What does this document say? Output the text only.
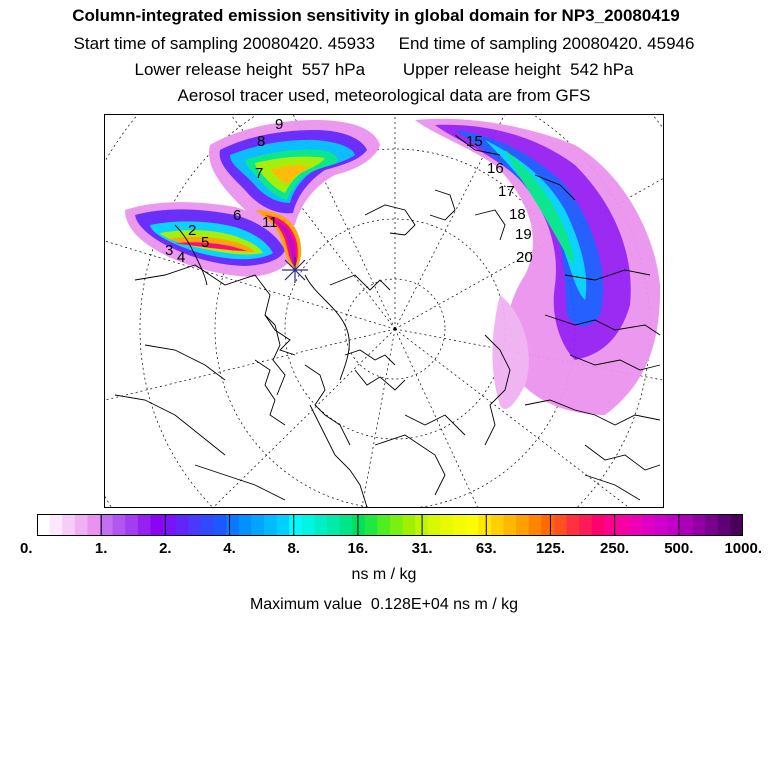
Column-integrated emission sensitivity in global domain for NP3_20080419
Start time of sampling 20080420. 45933     End time of sampling 20080420. 45946
Lower release height  557 hPa        Upper release height  542 hPa
Aerosol tracer used, meteorological data are from GFS
2
3 4
5
6
7
8
9
11
15
16
17
18
19
20
0.	1.	2.	4.	8.	16.	31.	63.	125. 250. 500. 1000.
ns m / kg
Maximum value  0.128E+04 ns m / kg
